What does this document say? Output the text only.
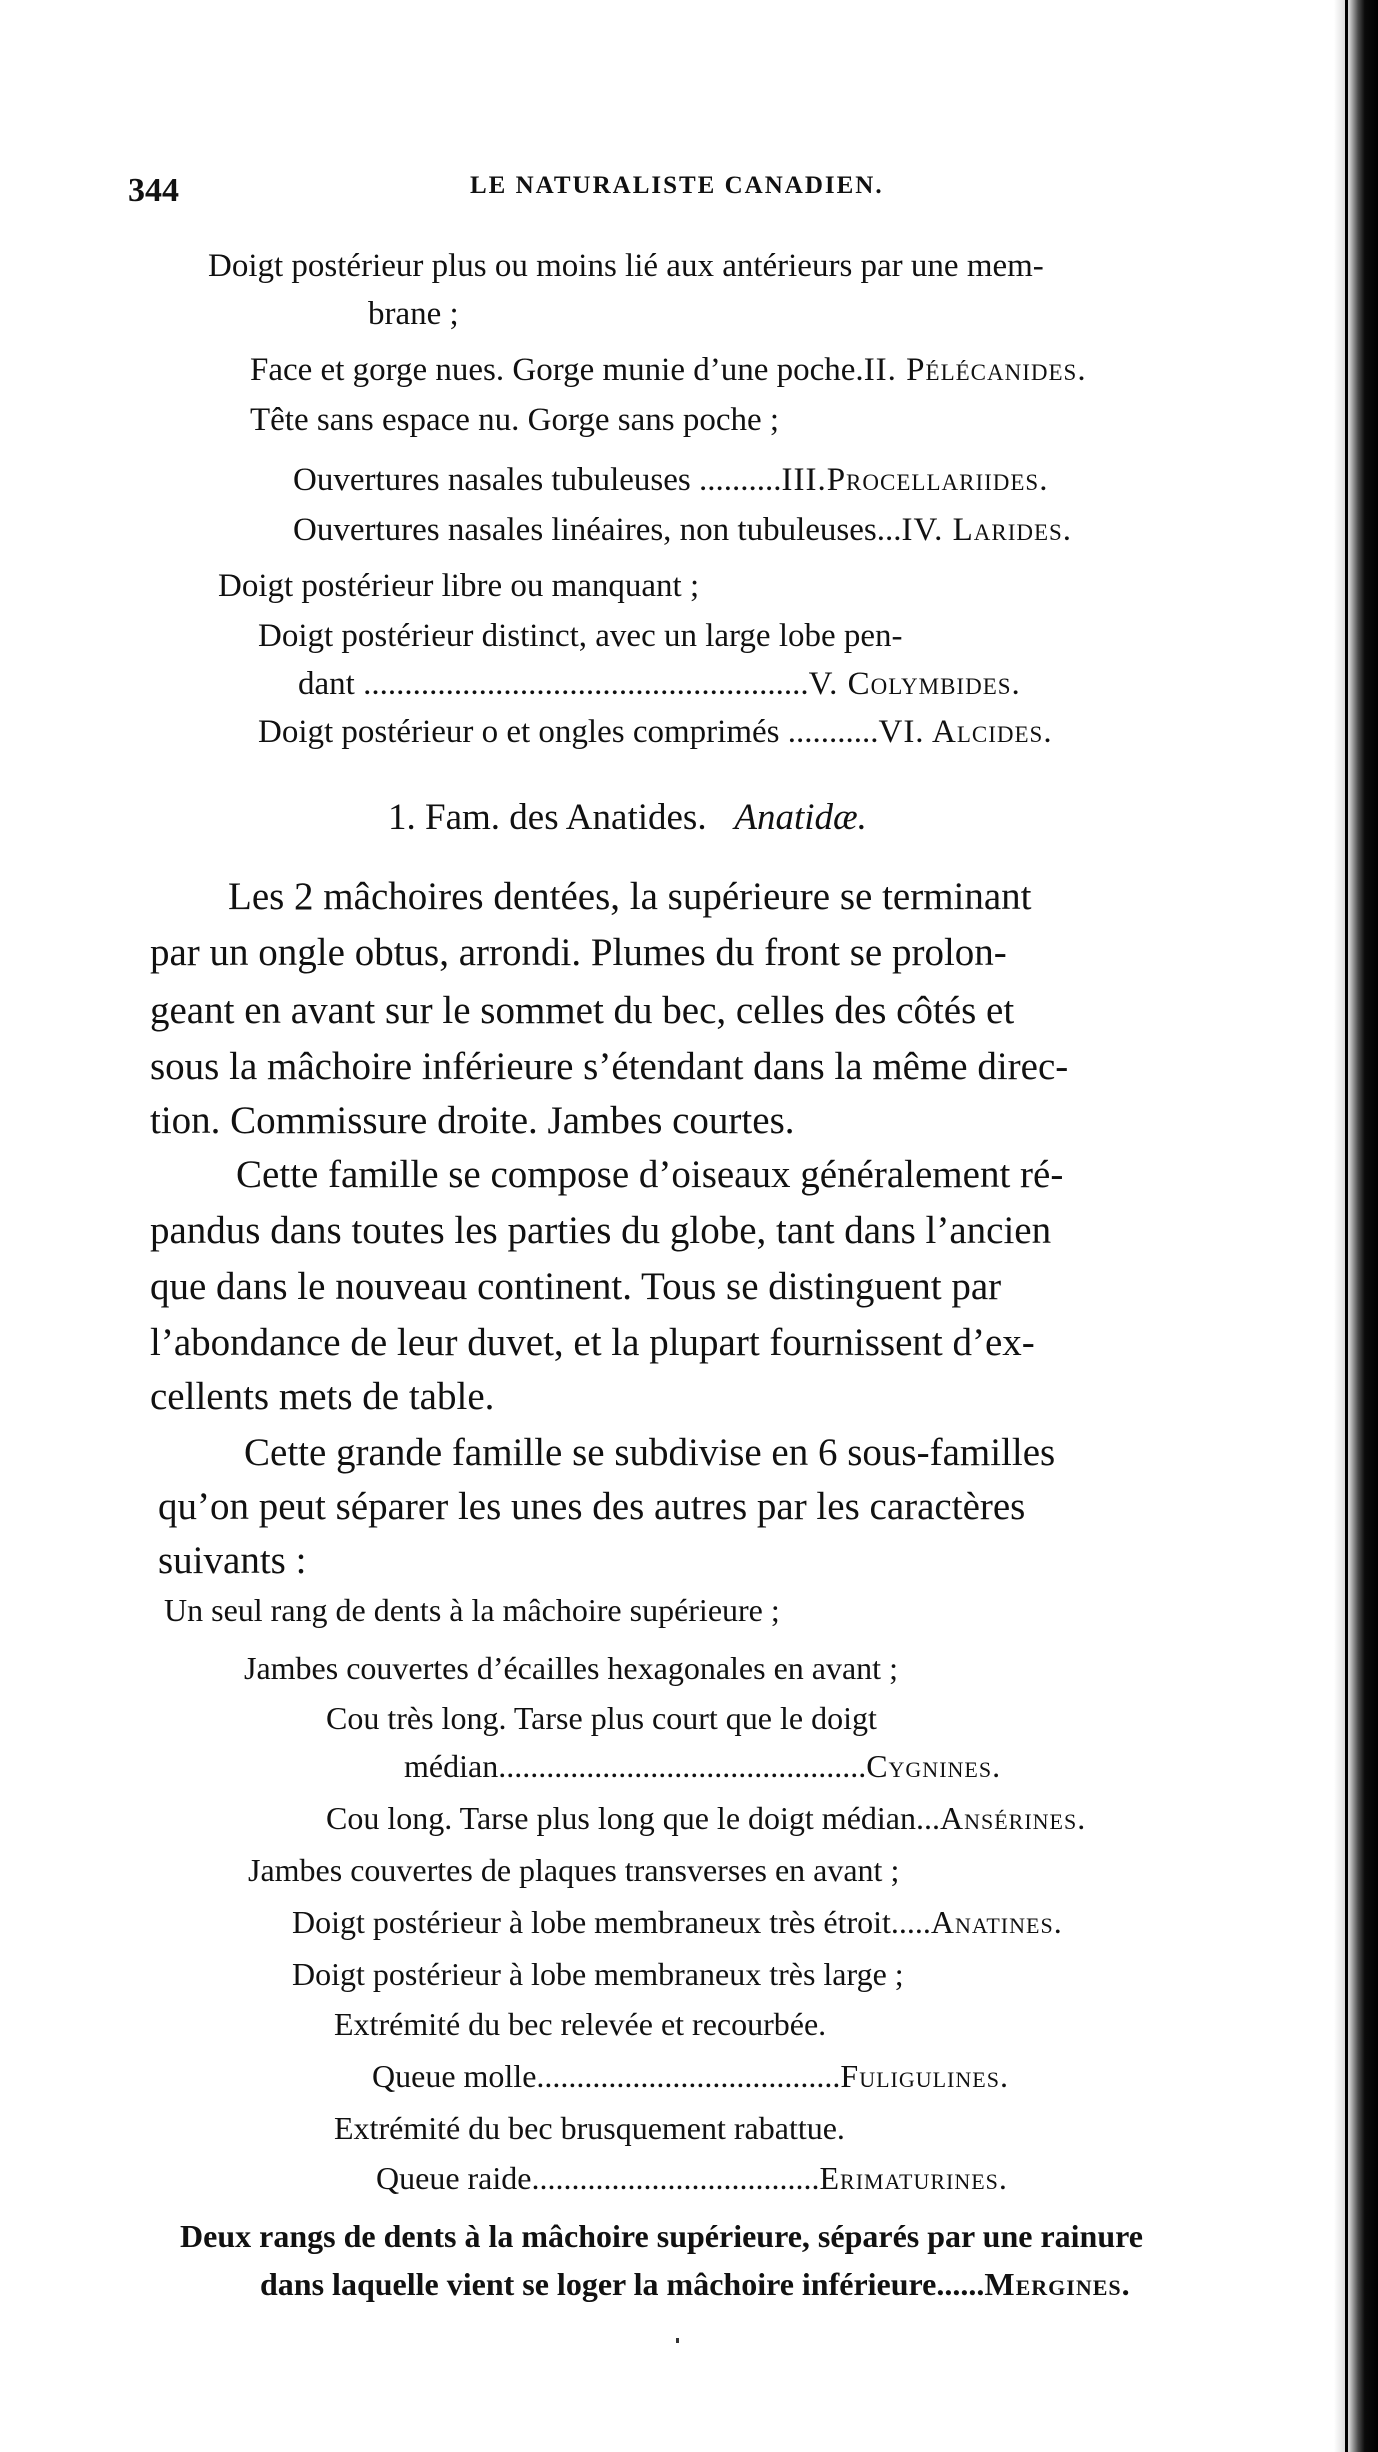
344	LE NATURALISTE CANADIEN.
Doigt postérieur plus ou moins lié aux antérieurs par une mem-
brane ;
Face et gorge nues. Gorge munie d’une poche.II. Pélécanides.
Tête sans espace nu. Gorge sans poche ;
Ouvertures nasales tubuleuses ..........III.Procellariides.
Ouvertures nasales linéaires, non tubuleuses...IV. Larides.
Doigt postérieur libre ou manquant ;
Doigt postérieur distinct, avec un large lobe pen-
dant ......................................................V. Colymbides.
Doigt postérieur o et ongles comprimés ...........VI. Alcides.
1. Fam. des Anatides. Anatidæ.
Les 2 mâchoires dentées, la supérieure se terminant
par un ongle obtus, arrondi. Plumes du front se prolon-
geant en avant sur le sommet du bec, celles des côtés et
sous la mâchoire inférieure s’étendant dans la même direc-
tion. Commissure droite. Jambes courtes.
Cette famille se compose d’oiseaux généralement ré-
pandus dans toutes les parties du globe, tant dans l’ancien
que dans le nouveau continent. Tous se distinguent par
l’abondance de leur duvet, et la plupart fournissent d’ex-
cellents mets de table.
Cette grande famille se subdivise en 6 sous-familles
qu’on peut séparer les unes des autres par les caractères
suivants :
Un seul rang de dents à la mâchoire supérieure ;
Jambes couvertes d’écailles hexagonales en avant ;
Cou très long. Tarse plus court que le doigt
médian..............................................Cygnines.
Cou long. Tarse plus long que le doigt médian...Ansérines.
Jambes couvertes de plaques transverses en avant ;
Doigt postérieur à lobe membraneux très étroit.....Anatines.
Doigt postérieur à lobe membraneux très large ;
Extrémité du bec relevée et recourbée.
Queue molle......................................Fuligulines.
Extrémité du bec brusquement rabattue.
Queue raide....................................Erimaturines.
Deux rangs de dents à la mâchoire supérieure, séparés par une rainure
dans laquelle vient se loger la mâchoire inférieure......Mergines.
